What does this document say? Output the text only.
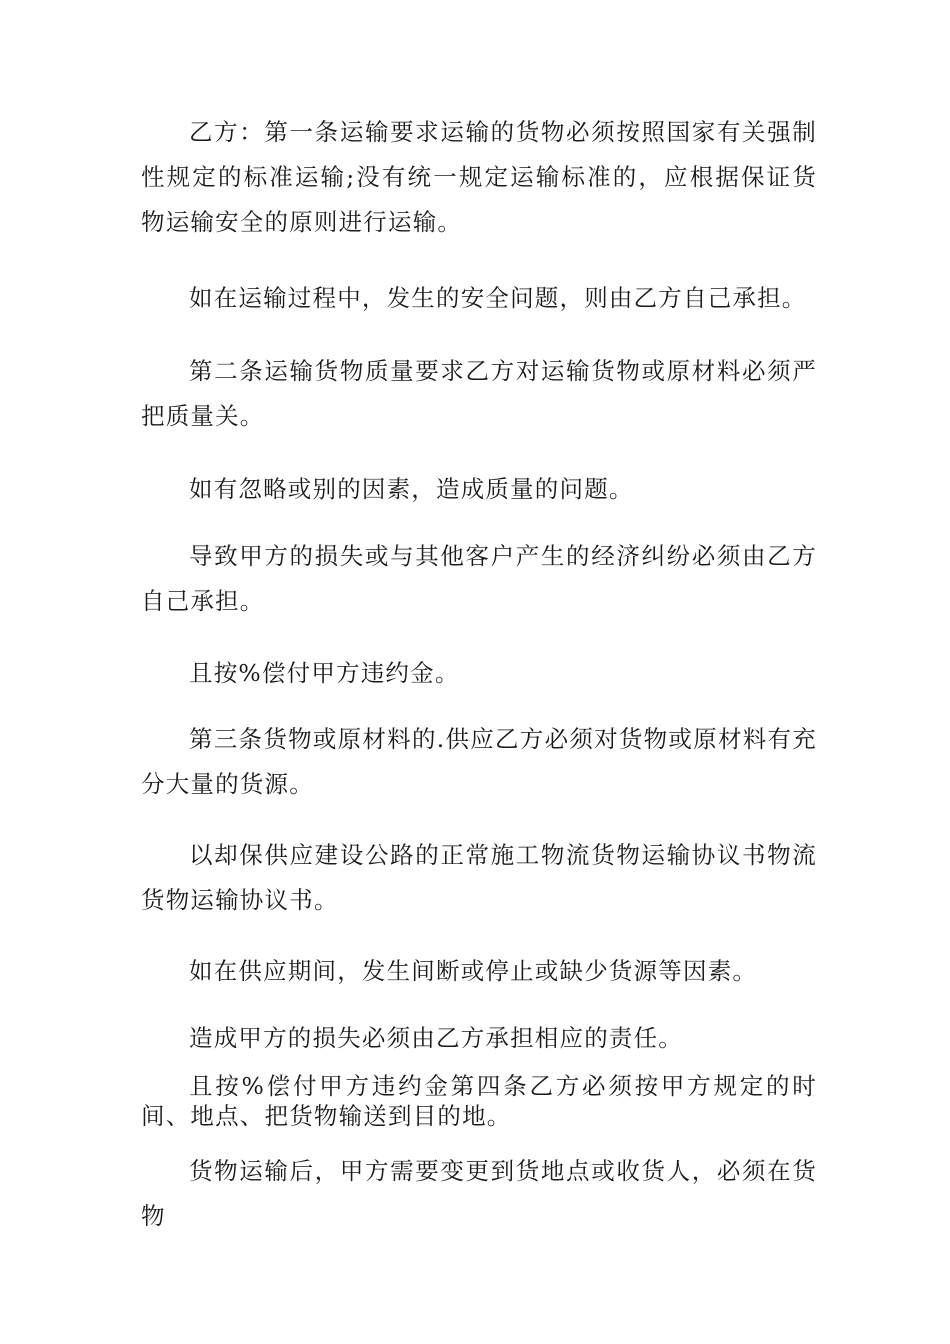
乙方：第一条运输要求运输的货物必须按照国家有关强制性规定的标准运输;没有统一规定运输标准的，应根据保证货物运输安全的原则进行运输。

如在运输过程中，发生的安全问题，则由乙方自己承担。

第二条运输货物质量要求乙方对运输货物或原材料必须严 把质量关。

如有忽略或别的因素，造成质量的问题。

导致甲方的损失或与其他客户产生的经济纠纷必须由乙方 自己承担。

且按%偿付甲方违约金。

第三条货物或原材料的.供应乙方必须对货物或原材料有充分大量的货源。

以却保供应建设公路的正常施工物流货物运输协议书物流 货物运输协议书。

如在供应期间，发生间断或停止或缺少货源等因素。

造成甲方的损失必须由乙方承担相应的责任。

且按%偿付甲方违约金第四条乙方必须按甲方规定的时间、地点、把货物输送到目的地。

货物运输后，甲方需要变更到货地点或收货人，必须在货物
